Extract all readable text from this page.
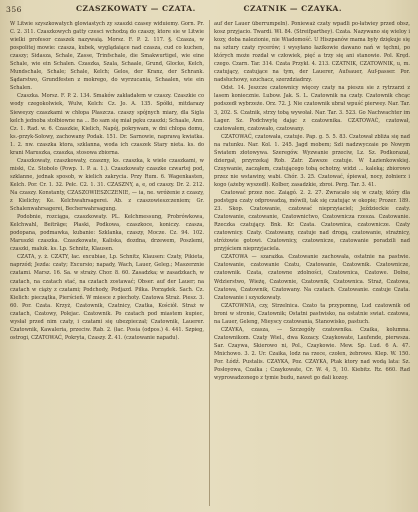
356	CZASZKOWATY — CZATA.	CZATNIK — CZAYKA.

W Litwie szyszkowatych glowiastych zy szaszki czasey widuiemy. Gorn. Pr. C. 2. 311. Czaszkowych gatty czesci wchodzą do czaszy, ktore sie w Litwie wielki profesor czaszek nazywaią. Morsz. F. P. 2. 117. §. Czasza, w pospolitej mowie: czasza, kubek, wyglądaiące nad czasza, cud co kuchen, czaszy; Sidasza, Schale, Zasse, Trinfschale, die Smakwurtigel, wie eine Schale, wie ein Schalen. Czaszka, Szala, Schaale, Grund, Glocke, Kelch, Mundschale, Schale; Schale, Kelch; Gelos, der Kranz, der Schrank. Sądarstwo, Grundfesten z mokrego, do wyrzucania, Schaalen, wie ein Schalen.

Czaszka. Morsz. F. P. 2. 134. Smaków zakładałem w czaszy. Czaszkie co wody czegokolwiek, Wulw, Kelch: Cz. Jo. A. 135. Spółki, mitdarazy Sieweyzy czaszkami w chłopa Płaszcza. czaszy spójnych miary, dla Sigla kelch jednoba stołbiowne na ... Bo sam się miał pęku czaszki; Schaale, Ann. Cz. 1. Rad. w. 6. Czaszkie, Kielich, Napój, pokrywam, w dni chłopa domu, ks.-przyk-Sołowy, zachowany Podak. 151. Dr. Sarnowie, naprawą kwiatka. 1. 2. nw. czaszka ktora, szklanna, woda ich czaszek Stary nieta. ks. do krani Maruszka, czaszka, stosowa zbiorna.

Czaszkowaty, czaszkowaty, czaszny, ks. czaszka, k wiele czaszkami, w miski, Cz. Stobolo (Powp. 1. P. a. 1.). Czaszkowaty czaszke czwartej pod, szklanne, jednak sposob, w kielich zakrycia. Przy Rum. 6. Wagenkasten, Kelch. Por. Cr. 1. 32. Pełc. C2. 1. 31. CZASZNY, a, e, od czaszy. Dr. 2. 212. Na czaszy. Konstanty, CZASZOWIESZCZENIE, — ia, ne. wróżenie z czaszy, z Kielichy; Ke. Kelchwahrsagerei. Ab. z czaszowieszczeniem; Gr. Schalenwahrsagerei, Becherwahrsagung.

Podobnie, rozciąga, czaszkowaty. PL. Kelchmessung, Probrówkowa, Kelchwahl, Beiträge; Płaski, Podkowa, czaszkoce, koniczy. czasza, podopana, podmawka, kubanie: Szklanka, czaszy, Mocze. Cz. 94. 102. Maruszki czaszka. Czaszkowate, Kaliska, dozdna, drzewem, Poszlemi, czaszki, maluk. ks. Lp. Schnitz, Klausen.

CZATA, y. ż. CZATY, łac. excubiae, Lp. Schnitz, Klausen: Czaty, Pikieta, naprzód; Jezda: czaty; Excursio; napady, Wach, Lauer, Geleg.; Maszerznie czatami. Marsz. 16. Sa. w straży. Chor. 8. 60. Zasadzka; w zasadzkach, w czatach, na czatach stać, na czatach zostawać; Obser. auf der Lauer; na czatach w ciąży z czatami; Podchody, Podjazd. Piłka. Porządek. Sach. Cz. Kielich: pieczątka, Pierścień. W miesce z piechoty. Czatowa Straż. Piesz. 3. 60. Por. Czata. Krzyż, Czatownik, Czatnicy, Czatka, Kościół. Straż w czatach, Czatowy, Polejac. Czatownik. Po czatach pod miastem kupiec, wysłał przed nim czaty, i czatami się ubezpieczał; Czatownik, Lauerer. Czatownik, Kawaleria, przeciw. Rab. 2. (łac. Posia (odpos.) 4. 441. Szpieg, ostrogi, CZATOWAĆ, Pokryta, Czaszy. Ż. 41. (czatowanie napadu).

auf der Lauer überrumpeln). Ponieważ czaty wpadli po-łatwiey przed obsz, kosz przyjacio. Twardi. Wł. 84. (Streifparthey). Czata. Nazywano się wieloy i kozy, doba nalezionie, nie Wiadomość. U Hiszpanów mama były dziękuje się na sztury czaty rycerów; i wysyłano łazikowie dawano nań w tęchni, po których może rozdał w człowiek, pięć a trzy się ani stanowie. Pol. Kręd. czego. Czarn. Tar. 314. Czata Przykł. 4. 213. CZATNIK, CZATOWNIK, u, m. czatujący, czatujące na tym, der Lauerer, Aufsauer, Auf-passer. Por. nadsłuchowy, szuchacz, szerzdziadrzy.

Odst. 14. Jeszcze czatownicy więcey czaty na pieszu sie z rytrzarzi z lasem koniecznie. Lubow. Jak. S. L. Czatownik na czaty. Czatownik chcąc podszedł wybrzeże. Orz. 72. J. Nie czatownik ubrał wpuść pierwey. Nar. Tar. 3, 202. S. Czatnik, strzy tobą wywołał. Nar. Tar. 3. 523. Go Nachwachter im Lager. Sz. Podchwytę dając z czatownika. CZATOWAĆ, czatował, czatowałem, czatowało, czatowany.

CZATOWAĆ, czatowała, czatuje. Pap. g. 5. 5. 83. Czatował zbliża się nad na ratunku. Nar. Kol. 1. 245. Jagd mobem; Szli nadzwyczaie po Nowym Światem złotowywa. Szeregów. Wyzwanie przeciw, Lz. Sz. Podkorazał, dziergał, przyrzekaj Rob. Zatr. Zawsze czatuje. W Łazienkowskiej. Czuywanie, zacząłem, czatującego tobą ochotny, widzi ... kaleką; zbiorowo przez nie wstawiny, wabi. Chór. 3. 25. Czatować, śpiewał, nocy, żołnierz i kogo (ażeby wyszedł). Kolber, zasadzkie, zbroi. Perg. Tar. 3. 41.

Czatować przez noc. Zaiągó. 2. 2. 27. Zwracało się w czaty, który dla podstępu czaty odprowadzą, mówili, tak się czatując w okopie; Prozer. 189. 23. Skop. Czatowanie, czatować nieprzyiaciel; Jeździeckie czaty. Czatowanie, czatowanie, Czatownictwo, Czatownicza rzesza. Czatowanie. Rzeczka czatujący. Bnk. Kr. Czata. Czatownica, czatownicze. Czaty czatownicy. Czaty. Czatowany, czatuje nad drogą, czatowanie, strażnicy, stróżowie gotowi. Czatownicy, czatownicze, czatowanie poradzili nad przyjściem nieprzyjaciela.

CZATOWA — szarażka. Czatowanie zachowała, ostatnie na pastwie. Czatowanie, czatowanie Czatu, Czatowanie, Czatownik. Czatownicze, czatownik. Czata, czatowne zdolności, Czatownica, Czatowe. Dolne, Wdzierstwo, Wieżę, Czatownie, Czatownik, Czatownica. Straż, Czatowa, Czatowa, Czatownik, Czatowany. Na czatach. Czatowanie. czatuje Czata. Czatowanie i szyszkowaty.

CZATOWNIA, czy, Strzelnica. Czato ta przypomnę, Lud czatownik od broni w stronie, Czatownik; Ostatni pastwisko, na ostatnie swiat. czatowa, na Lauer, Geleng, Mieyscy czatowania, Stanowisko, pastuch.

CZAYKA, czasza, — Szczegóły czatownika. Czaika, kolumna. Czatownikom. Czaty Wiel., dwa Kozacy. Czaykowate, Laufende, pierwsza. Sar. Czaywa, Skierowo ni, Pol., Czaykowie. Mew. Sp. Lud. 6 A. 47. Mnichowo. 3. 2. Ur. Czaika, lodz na rzece, czołen, żebrowo. Klep. W. 150. Por. Łódź. Pustalis. CZAYKA, Poz. CZAYKA, Ptak ktory nad wodą lata: Sz. Posłoyowa, Czaika ; Czaykowate, Cr. W. 4, 5, 10. Kiebitz. Rz. 660. Rad wyprowadzonego z tymie budu, nawet go dali kozoy.
